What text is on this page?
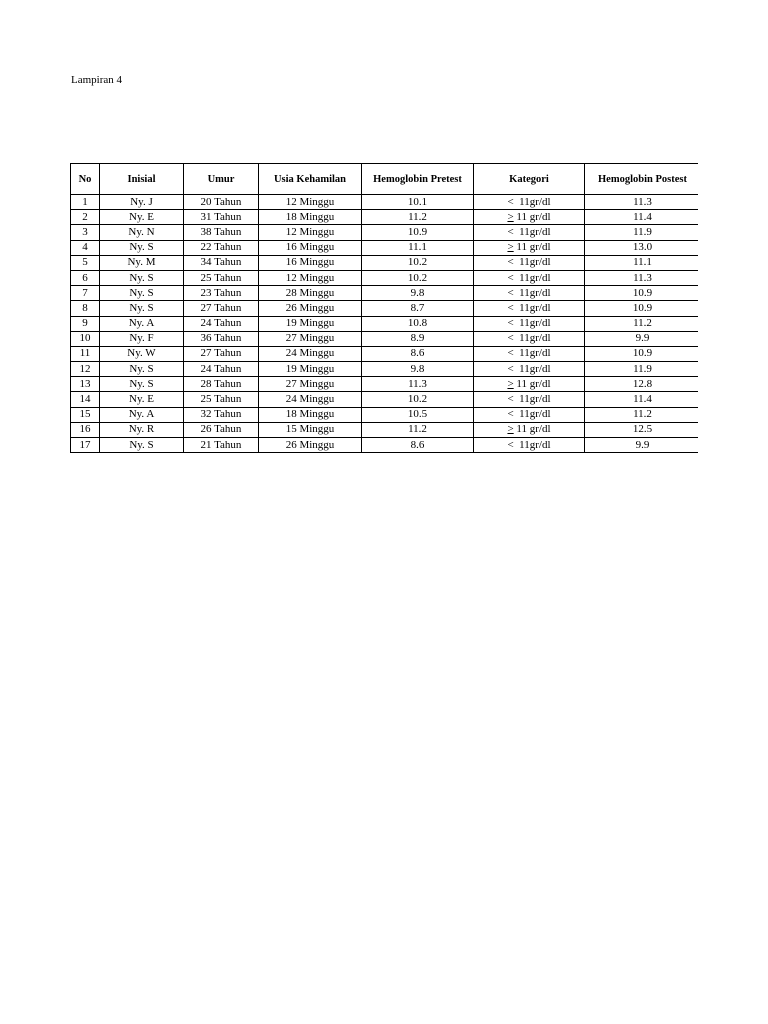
Lampiran 4
No	Inisial	Umur	Usia Kehamilan	Hemoglobin Pretest	Kategori	Hemoglobin Postest
1	Ny. J	20 Tahun	12 Minggu	10.1	< 11gr/dl	11.3
2	Ny. E	31 Tahun	18 Minggu	11.2	> 11 gr/dl	11.4
3	Ny. N	38 Tahun	12 Minggu	10.9	< 11gr/dl	11.9
4	Ny. S	22 Tahun	16 Minggu	11.1	> 11 gr/dl	13.0
5	Ny. M	34 Tahun	16 Minggu	10.2	< 11gr/dl	11.1
6	Ny. S	25 Tahun	12 Minggu	10.2	< 11gr/dl	11.3
7	Ny. S	23 Tahun	28 Minggu	9.8	< 11gr/dl	10.9
8	Ny. S	27 Tahun	26 Minggu	8.7	< 11gr/dl	10.9
9	Ny. A	24 Tahun	19 Minggu	10.8	< 11gr/dl	11.2
10	Ny. F	36 Tahun	27 Minggu	8.9	< 11gr/dl	9.9
11	Ny. W	27 Tahun	24 Minggu	8.6	< 11gr/dl	10.9
12	Ny. S	24 Tahun	19 Minggu	9.8	< 11gr/dl	11.9
13	Ny. S	28 Tahun	27 Minggu	11.3	> 11 gr/dl	12.8
14	Ny. E	25 Tahun	24 Minggu	10.2	< 11gr/dl	11.4
15	Ny. A	32 Tahun	18 Minggu	10.5	< 11gr/dl	11.2
16	Ny. R	26 Tahun	15 Minggu	11.2	> 11 gr/dl	12.5
17	Ny. S	21 Tahun	26 Minggu	8.6	< 11gr/dl	9.9
